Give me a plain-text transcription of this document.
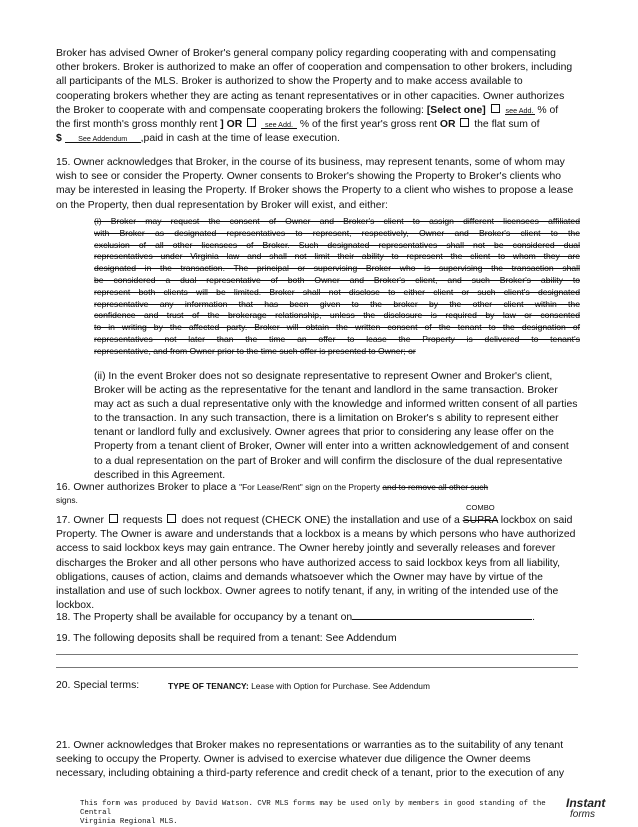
Broker has advised Owner of Broker's general company policy regarding cooperating with and compensating
other brokers. Broker is authorized to make an offer of cooperation and compensation to other brokers, including
all participants of the MLS. Broker is authorized to show the Property and to make access available to
cooperating brokers whether they are acting as tenant representatives or in other capacities. Owner authorizes
the Broker to cooperate with and compensate cooperating brokers the following: [Select one]	see Add. % of
the first month's gross monthly rent ] OR	see Add. % of the first year's gross rent OR  the flat sum of
$ See Addendum ,paid in cash at the time of lease execution.
15. Owner acknowledges that Broker, in the course of its business, may represent tenants, some of whom may
wish to see or consider the Property. Owner consents to Broker's showing the Property to Broker's clients who
may be interested in leasing the Property. If Broker shows the Property to a client who wishes to propose a lease
on the Property, then dual representation by Broker will exist, and either:
(i) Broker may request the consent of Owner and Broker's client to assign different licensees affiliated
with Broker as designated representatives to represent, respectively, Owner and Broker's client to the
exclusion of all other licensees of Broker. Such designated representatives shall not be considered dual
representatives under Virginia law and shall not limit their ability to represent the client to whom they are
designated in the transaction. The principal or supervising Broker who is supervising the transaction shall
be considered a dual representative of both Owner and Broker's client, and such Broker's ability to
represent both clients will be limited. Broker shall not disclose to either client or such client's designated
representative any information that has been given to the broker by the other client within the
confidence and trust of the brokerage relationship, unless the disclosure is required by law or consented
to in writing by the affected party. Broker will obtain the written consent of the tenant to the designation of
representatives not later than the time an offer to lease the Property is delivered to tenant's
representative, and from Owner prior to the time such offer is presented to Owner; or
(ii) In the event Broker does not so designate representative to represent Owner and Broker's client,
Broker will be acting as the representative for the tenant and landlord in the same transaction. Broker
may act as such a dual representative only with the knowledge and informed written consent of all parties
to the transaction. In any such transaction, there is a limitation on Broker's s ability to represent either
tenant or landlord fully and exclusively. Owner agrees that prior to considering any lease offer on the
Property from a tenant client of Broker, Owner will enter into a written acknowledgement of and consent
to a dual representation on the part of Broker and will confirm the disclosure of the dual representative
described in this Agreement.
16. Owner authorizes Broker to place a "For Lease/Rent" sign on the Property and to remove all other such
signs.
COMBO
17. Owner  requests does not request (CHECK ONE) the installation and use of a SUPRA lockbox on said
Property. The Owner is aware and understands that a lockbox is a means by which persons who have authorized
access to said lockbox keys may gain entrance. The Owner hereby jointly and severally releases and forever
discharges the Broker and all other persons who have authorized access to said lockbox keys from all liability,
obligations, causes of action, claims and demands whatsoever which the Owner may have by virtue of the
installation and use of such lockbox. Owner agrees to notify tenant, if any, in writing of the intended use of the
lockbox.
18. The Property shall be available for occupancy by a tenant on	.
19. The following deposits shall be required from a tenant: See Addendum
20. Special terms:	TYPE OF TENANCY: Lease with Option for Purchase. See Addendum
21. Owner acknowledges that Broker makes no representations or warranties as to the suitability of any tenant
seeking to occupy the Property. Owner is advised to exercise whatever due diligence the Owner deems
necessary, including obtaining a third-party reference and credit check of a tenant, prior to the execution of any
This form was produced by David Watson. CVR MLS forms may be used only by members in good standing of the Central
Virginia Regional MLS.
Instant
forms
